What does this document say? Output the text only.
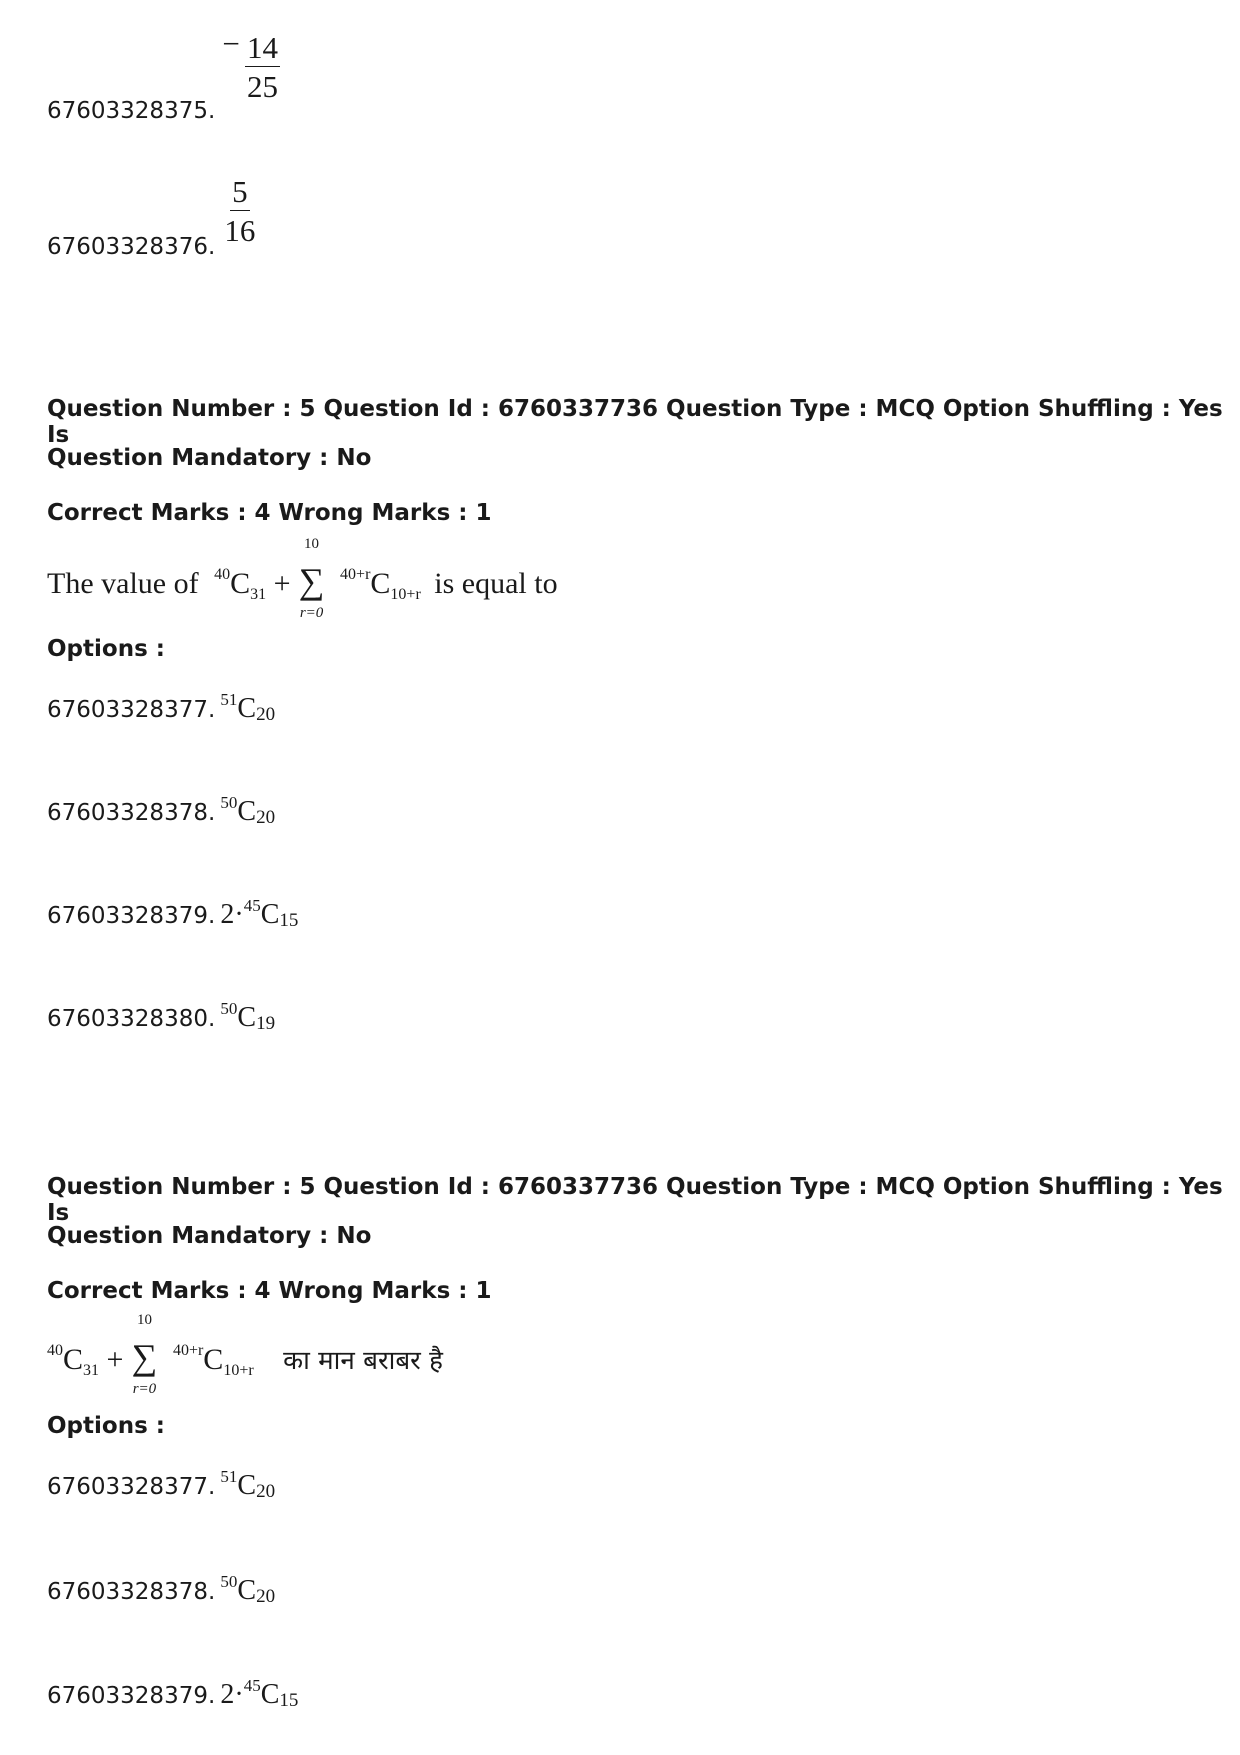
67603328375. − $\frac{14}{25}$
67603328376.
$\frac{5}{16}$
Question Number : 5 Question Id : 6760337736 Question Type : MCQ Option Shuffling : Yes Is
Question Mandatory : No
Correct Marks : 4 Wrong Marks : 1
The value of $^{40}C_{31}$ +
10
∑
r=0
$^{40+r}C_{10+r}$ is equal to
Options :
67603328377. $^{51}C_{20}$
67603328378. $^{50}C_{20}$
67603328379. $2\cdot^{45}C_{15}$
67603328380. $^{50}C_{19}$
Question Number : 5 Question Id : 6760337736 Question Type : MCQ Option Shuffling : Yes Is
Question Mandatory : No
Correct Marks : 4 Wrong Marks : 1
$^{40}C_{31}$ +
10
∑
r=0
$^{40+r}C_{10+r}$ का मान बराबर है
Options :
67603328377. $^{51}C_{20}$
67603328378. $^{50}C_{20}$
67603328379. $2\cdot^{45}C_{15}$
